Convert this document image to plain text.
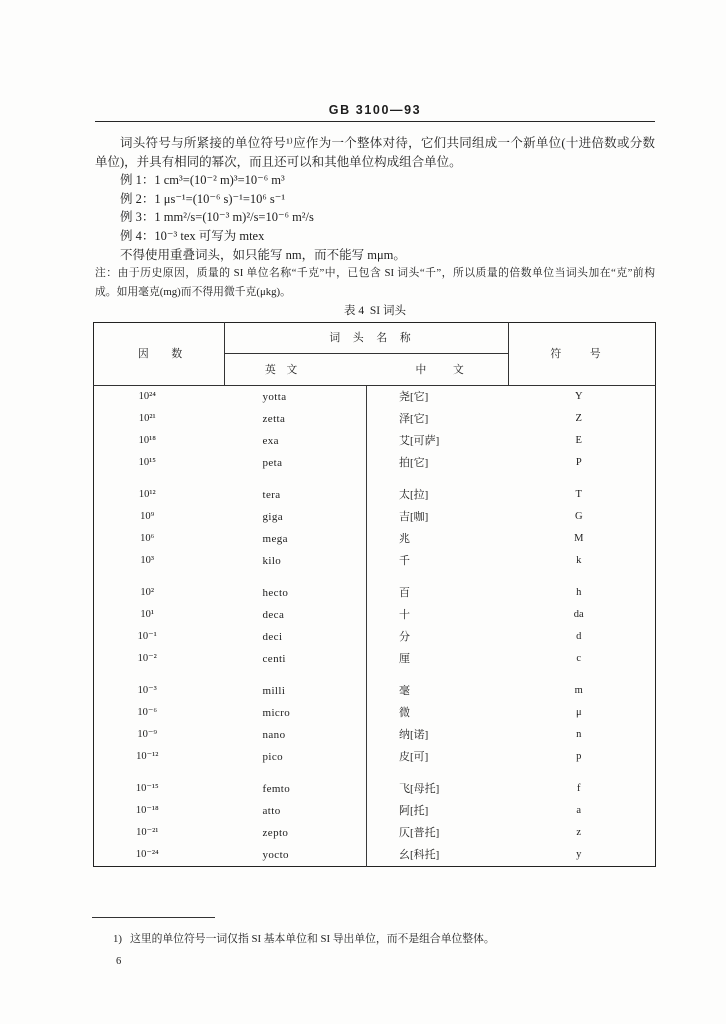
GB 3100—93
词头符号与所紧接的单位符号¹⁾应作为一个整体对待，它们共同组成一个新单位(十进倍数或分数
单位)，并具有相同的幂次，而且还可以和其他单位构成组合单位。
例 1：1 cm³=(10⁻² m)³=10⁻⁶ m³
例 2：1 μs⁻¹=(10⁻⁶ s)⁻¹=10⁶ s⁻¹
例 3：1 mm²/s=(10⁻³ m)²/s=10⁻⁶ m²/s
例 4：10⁻³ tex 可写为 mtex
不得使用重叠词头，如只能写 nm，而不能写 mμm。
注：由于历史原因，质量的 SI 单位名称“千克”中，已包含 SI 词头“千”，所以质量的倍数单位当词头加在“克”前构
成。如用毫克(mg)而不得用微千克(μkg)。
表 4  SI 词头
因 数	词 头 名 称		符 号
	英 文	中 文	
10²⁴	yotta	尧[它]	Y
10²¹	zetta	泽[它]	Z
10¹⁸	exa	艾[可萨]	E
10¹⁵	peta	拍[它]	P
10¹²	tera	太[拉]	T
10⁹	giga	吉[咖]	G
10⁶	mega	兆	M
10³	kilo	千	k
10²	hecto	百	h
10¹	deca	十	da
10⁻¹	deci	分	d
10⁻²	centi	厘	c
10⁻³	milli	毫	m
10⁻⁶	micro	微	μ
10⁻⁹	nano	纳[诺]	n
10⁻¹²	pico	皮[可]	p
10⁻¹⁵	femto	飞[母托]	f
10⁻¹⁸	atto	阿[托]	a
10⁻²¹	zepto	仄[普托]	z
10⁻²⁴	yocto	幺[科托]	y
1) 这里的单位符号一词仅指 SI 基本单位和 SI 导出单位，而不是组合单位整体。
6
